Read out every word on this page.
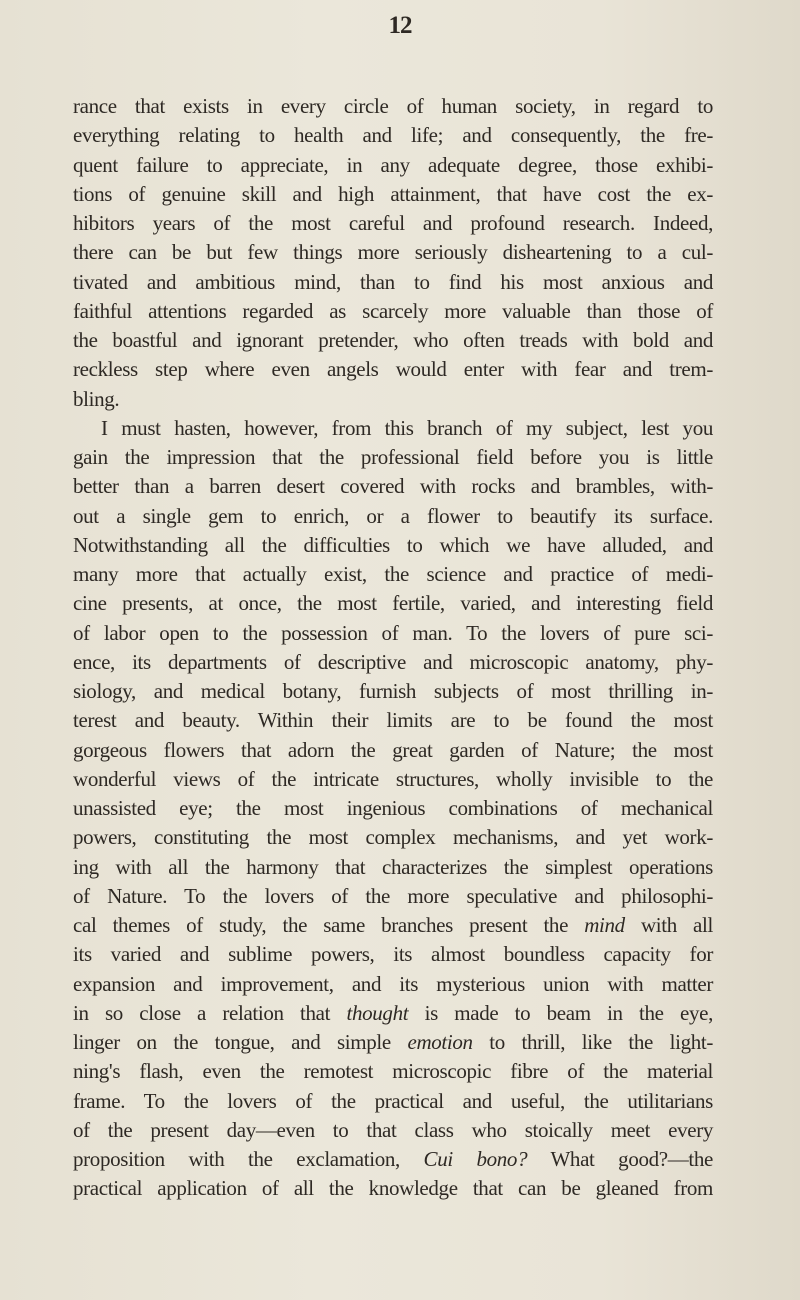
12
rance that exists in every circle of human society, in regard to
everything relating to health and life; and consequently, the fre-
quent failure to appreciate, in any adequate degree, those exhibi-
tions of genuine skill and high attainment, that have cost the ex-
hibitors years of the most careful and profound research. Indeed,
there can be but few things more seriously disheartening to a cul-
tivated and ambitious mind, than to find his most anxious and
faithful attentions regarded as scarcely more valuable than those of
the boastful and ignorant pretender, who often treads with bold and
reckless step where even angels would enter with fear and trem-
bling.
I must hasten, however, from this branch of my subject, lest you
gain the impression that the professional field before you is little
better than a barren desert covered with rocks and brambles, with-
out a single gem to enrich, or a flower to beautify its surface.
Notwithstanding all the difficulties to which we have alluded, and
many more that actually exist, the science and practice of medi-
cine presents, at once, the most fertile, varied, and interesting field
of labor open to the possession of man. To the lovers of pure sci-
ence, its departments of descriptive and microscopic anatomy, phy-
siology, and medical botany, furnish subjects of most thrilling in-
terest and beauty. Within their limits are to be found the most
gorgeous flowers that adorn the great garden of Nature; the most
wonderful views of the intricate structures, wholly invisible to the
unassisted eye; the most ingenious combinations of mechanical
powers, constituting the most complex mechanisms, and yet work-
ing with all the harmony that characterizes the simplest operations
of Nature. To the lovers of the more speculative and philosophi-
cal themes of study, the same branches present the mind with all
its varied and sublime powers, its almost boundless capacity for
expansion and improvement, and its mysterious union with matter
in so close a relation that thought is made to beam in the eye,
linger on the tongue, and simple emotion to thrill, like the light-
ning's flash, even the remotest microscopic fibre of the material
frame. To the lovers of the practical and useful, the utilitarians
of the present day—even to that class who stoically meet every
proposition with the exclamation, Cui bono? What good?—the
practical application of all the knowledge that can be gleaned from
